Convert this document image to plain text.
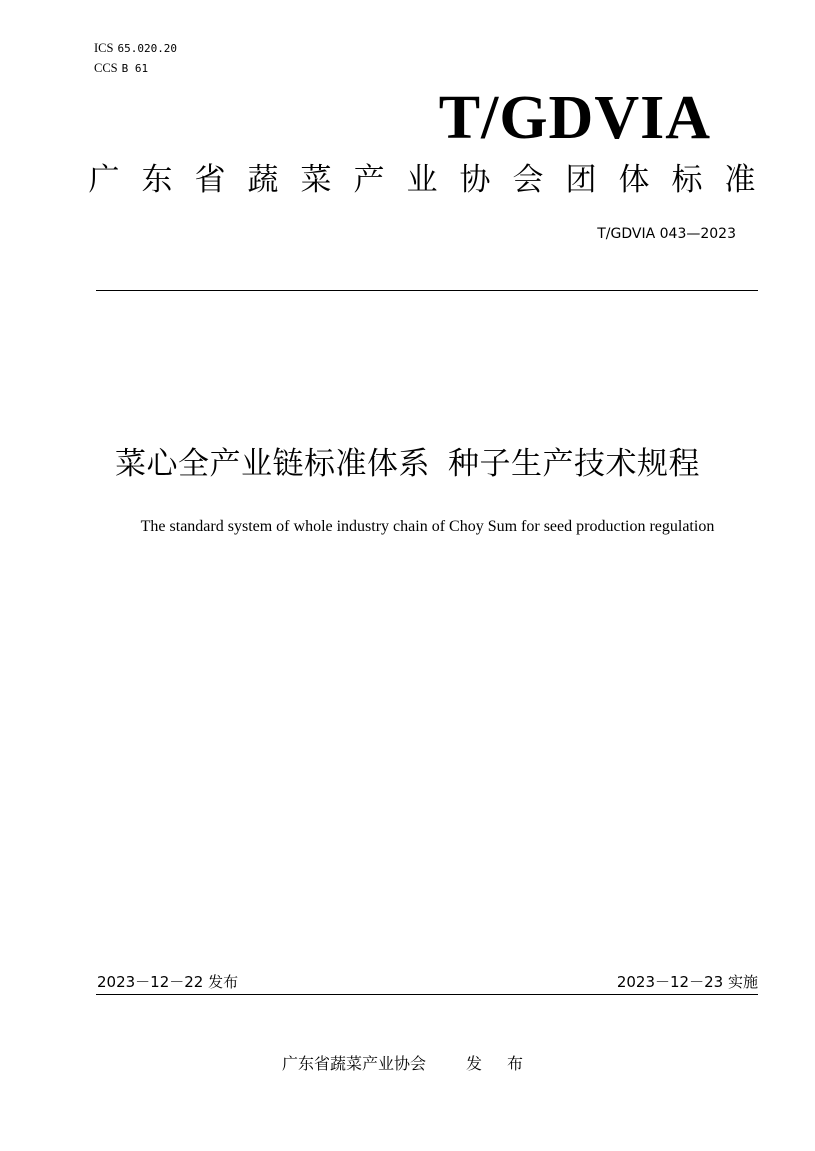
ICS 65.020.20
CCS B 61
T/GDVIA
广 东 省 蔬 菜 产 业 协 会 团 体 标 准
T/GDVIA 043—2023
菜心全产业链标准体系 种子生产技术规程
The standard system of whole industry chain of Choy Sum for seed production regulation
2023－12－22 发布	2023－12－23 实施
广东省蔬菜产业协会	发 布
